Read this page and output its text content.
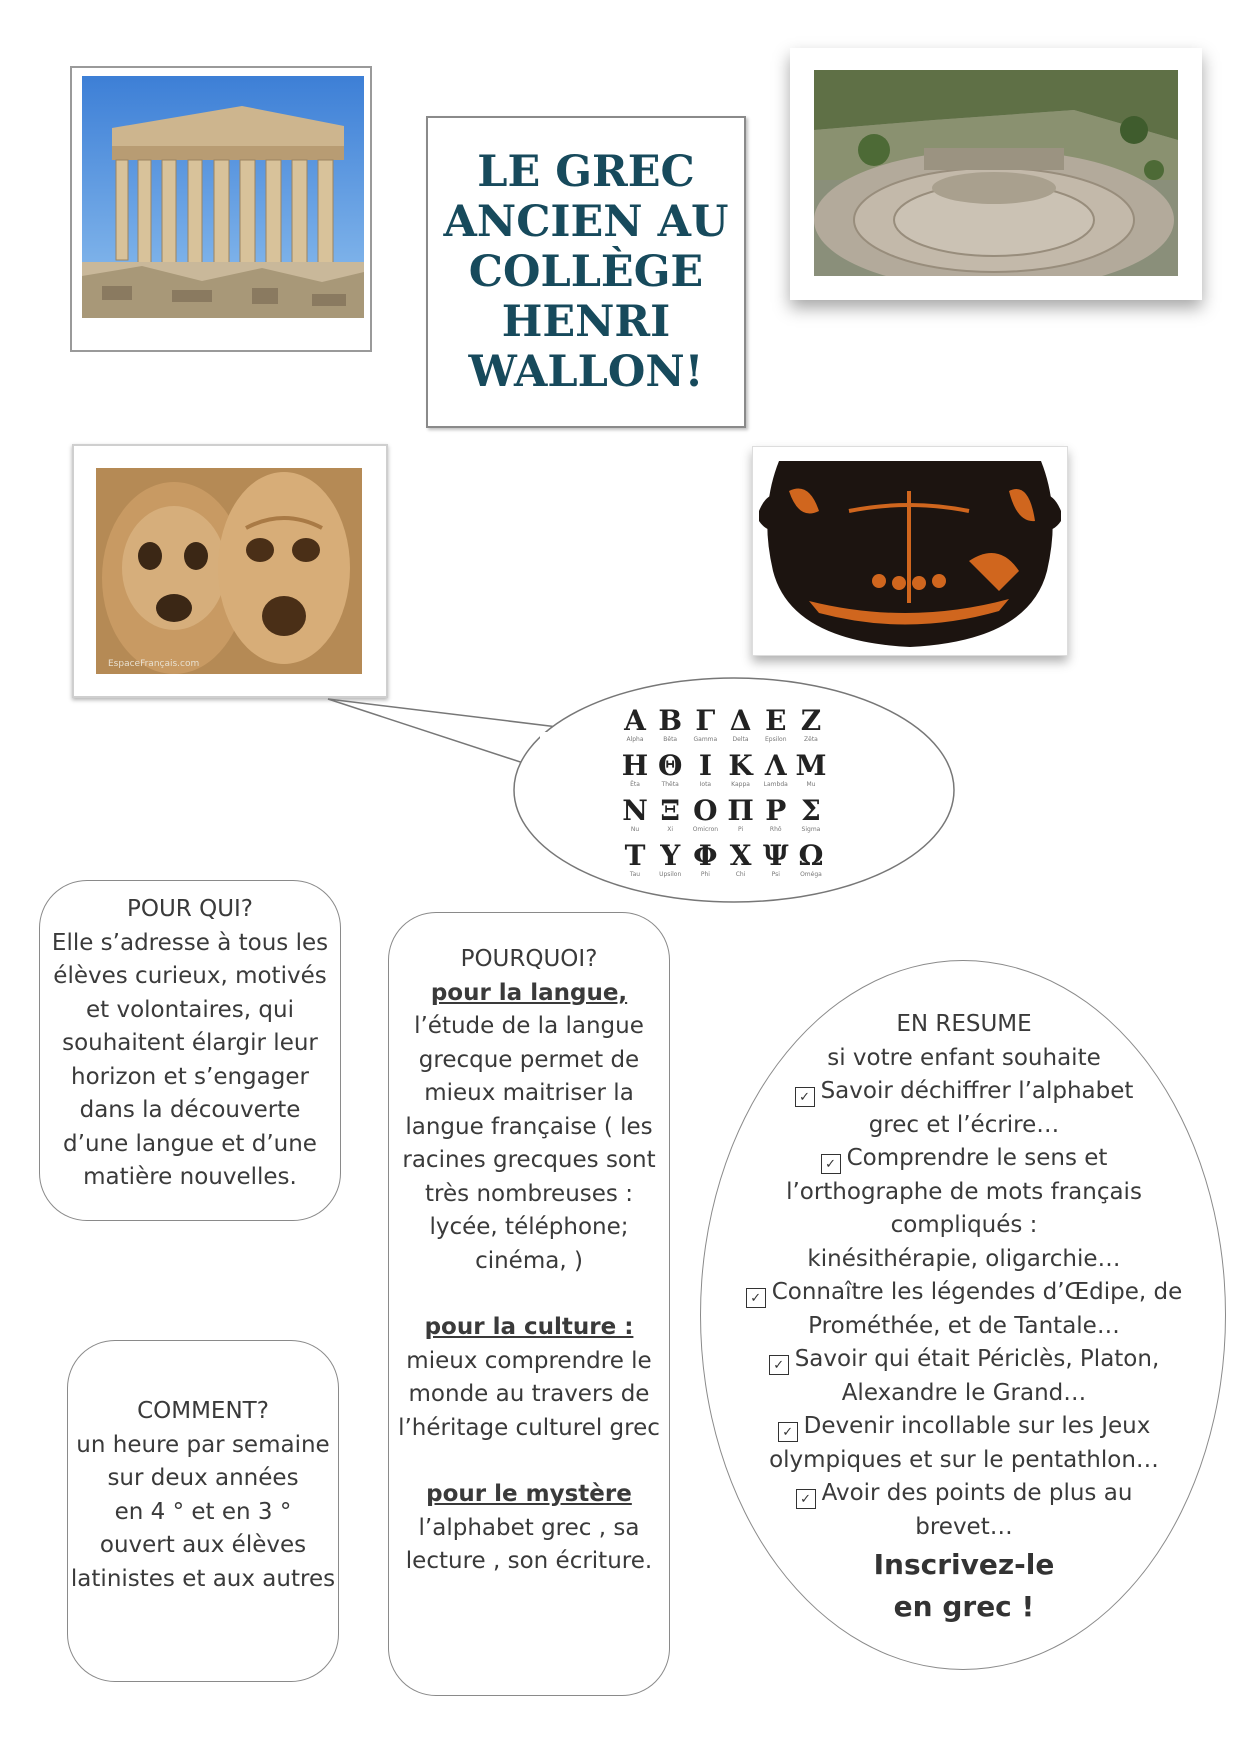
LE GREC
ANCIEN AU
COLLÈGE
HENRI
WALLON!
EspaceFrançais.com
Α
Alpha
Β
Bêta
Γ
Gamma
Δ
Delta
Ε
Epsilon
Ζ
Zêta
Η
Êta
Θ
Thêta
Ι
Iota
Κ
Kappa
Λ
Lambda
Μ
Mu
Ν
Nu
Ξ
Xi
Ο
Omicron
Π
Pi
Ρ
Rhô
Σ
Sigma
Τ
Tau
Υ
Upsilon
Φ
Phi
Χ
Chi
Ψ
Psi
Ω
Oméga
POUR QUI?
Elle s’adresse à tous les
élèves curieux, motivés
et volontaires, qui
souhaitent élargir leur
horizon et s’engager
dans la découverte
d’une langue et d’une
matière nouvelles.
POURQUOI?
pour la langue,
l’étude de la langue
grecque permet de
mieux maitriser la
langue française ( les
racines grecques sont
très nombreuses :
lycée, téléphone;
cinéma, )
pour la culture :
mieux comprendre le
monde au travers de
l’héritage culturel grec
pour le mystère
l’alphabet grec , sa
lecture , son écriture.
COMMENT?
un heure par semaine
sur deux années
en 4 ° et en 3 °
ouvert aux élèves
latinistes et aux autres
EN RESUME
si votre enfant souhaite
✓ Savoir déchiffrer l’alphabet
grec et l’écrire…
✓ Comprendre le sens et
l’orthographe de mots français
compliqués :
kinésithérapie, oligarchie…
✓ Connaître les légendes d’Œdipe, de
Prométhée, et de Tantale…
✓ Savoir qui était Périclès, Platon,
Alexandre le Grand…
✓ Devenir incollable sur les Jeux
olympiques et sur le pentathlon…
✓ Avoir des points de plus au
brevet…
Inscrivez-le
en grec !
